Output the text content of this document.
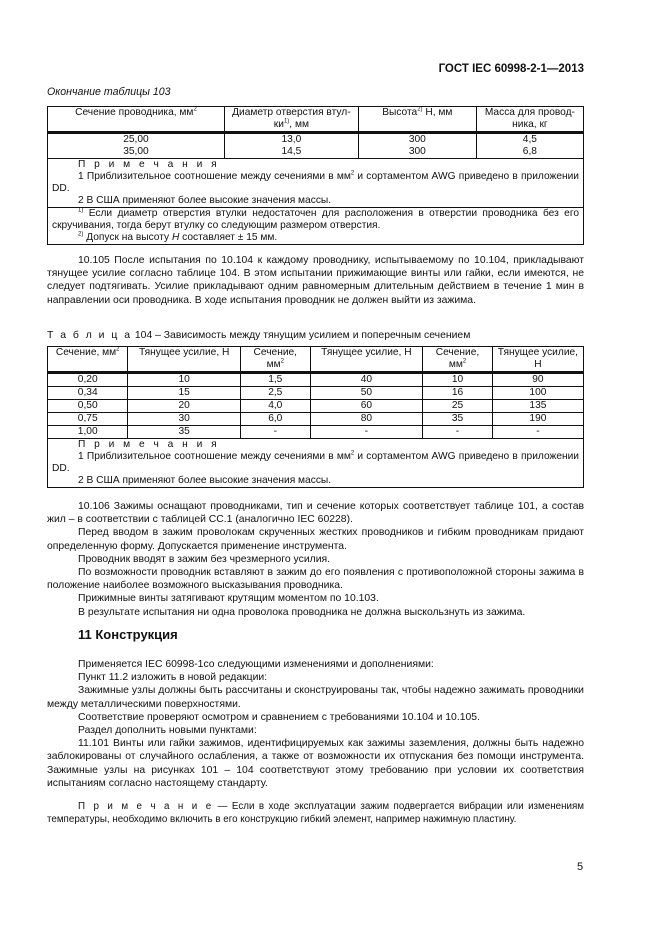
ГОСТ IEC 60998-2-1—2013
Окончание таблицы 103
Сечение проводника, $мм^2$	Диаметр отверстия втул-$ки^{1)}$, мм	Высота$^{2)}$ H, мм	Масса для провод-ника, кг
25,00	13,0	300	4,5
35,00	14,5	300	6,8

П р и м е ч а н и я
1 Приблизительное соотношение между сечениями в $мм^2$ и сортаментом AWG приведено в приложении DD.
2 В США применяют более высокие значения массы.			

$^{1)}$ Если диаметр отверстия втулки недостаточен для расположения в отверстии проводника без его скручивания, тогда берут втулку со следующим размером отверстия.
$^{2)}$ Допуск на высоту H составляет ± 15 мм.			

10.105 После испытания по 10.104 к каждому проводнику, испытываемому по 10.104, прикладывают тянущее усилие согласно таблице 104. В этом испытании прижимающие винты или гайки, если имеются, не следует подтягивать. Усилие прикладывают одним равномерным длительным действием в течение 1 мин в направлении оси проводника. В ходе испытания проводник не должен выйти из зажима.

Т а б л и ц а 104 – Зависимость между тянущим усилием и поперечным сечением
Сечение, $мм^2$	Тянущее усилие, Н	Сечение, $мм^2$	Тянущее усилие, Н	Сечение, $мм^2$	Тянущее усилие, Н
0,20	10	1,5	40	10	90
0,34	15	2,5	50	16	100
0,50	20	4,0	60	25	135
0,75	30	6,0	80	35	190
1,00	35	-	-	-	-

П р и м е ч а н и я
1 Приблизительное соотношение между сечениями в $мм^2$ и сортаментом AWG приведено в приложении DD.
2 В США применяют более высокие значения массы.					

10.106 Зажимы оснащают проводниками, тип и сечение которых соответствует таблице 101, а состав жил – в соответствии с таблицей СС.1 (аналогично IEC 60228).

Перед вводом в зажим проволокам скрученных жестких проводников и гибким проводникам придают определенную форму. Допускается применение инструмента.

Проводник вводят в зажим без чрезмерного усилия.

По возможности проводник вставляют в зажим до его появления с противоположной стороны зажима в положение наиболее возможного высказывания проводника.

Прижимные винты затягивают крутящим моментом по 10.103.

В результате испытания ни одна проволока проводника не должна выскользнуть из зажима.

11 Конструкция

Применяется IEC 60998-1со следующими изменениями и дополнениями:

Пункт 11.2 изложить в новой редакции:

Зажимные узлы должны быть рассчитаны и сконструированы так, чтобы надежно зажимать проводники между металлическими поверхностями.

Соответствие проверяют осмотром и сравнением с требованиями 10.104 и 10.105.

Раздел дополнить новыми пунктами:

11.101 Винты или гайки зажимов, идентифицируемых как зажимы заземления, должны быть надежно заблокированы от случайного ослабления, а также от возможности их отпускания без помощи инструмента. Зажимные узлы на рисунках 101 – 104 соответствуют этому требованию при условии их соответствия испытаниям согласно настоящему стандарту.

П р и м е ч а н и е — Если в ходе эксплуатации зажим подвергается вибрации или изменениям температуры, необходимо включить в его конструкцию гибкий элемент, например нажимную пластину.

5
